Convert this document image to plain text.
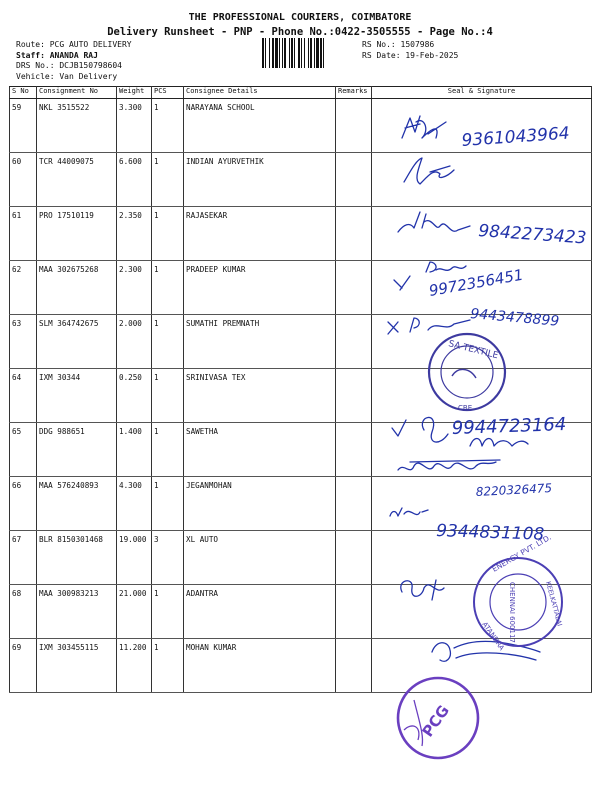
THE PROFESSIONAL COURIERS, COIMBATORE
Delivery Runsheet - PNP - Phone No.:0422-3505555 - Page No.:4
Route: PCG AUTO DELIVERY
Staff: ANANDA RAJ
DRS No.: DCJB150798604
Vehicle: Van Delivery
RS No.: 1507986
RS Date: 19-Feb-2025
S No	Consignment No	Weight	PCS	Consignee Details	Remarks	Seal & Signature
59	NKL 3515522	3.300	1	NARAYANA SCHOOL		
60	TCR 44009075	6.600	1	INDIAN AYURVETHIK		
61	PRO 17510119	2.350	1	RAJASEKAR		
62	MAA 302675268	2.300	1	PRADEEP KUMAR		
63	SLM 364742675	2.000	1	SUMATHI PREMNATH		
64	IXM 30344	0.250	1	SRINIVASA TEX		
65	DDG 988651	1.400	1	SAWETHA		
66	MAA 576240893	4.300	1	JEGANMOHAN		
67	BLR 8150301468	19.000	3	XL AUTO		
68	MAA 300983213	21.000	1	ADANTRA		
69	IXM 303455115	11.200	1	MOHAN KUMAR		
9361043964
9842273423
9972356451
9443478899
9944723164
8220326475
9344831108
SA TEXTILE
CBE
ENERGY PVT. LTD.
CHENNAI 600117
ATANDRA
KEELKATTALAI
PCG
